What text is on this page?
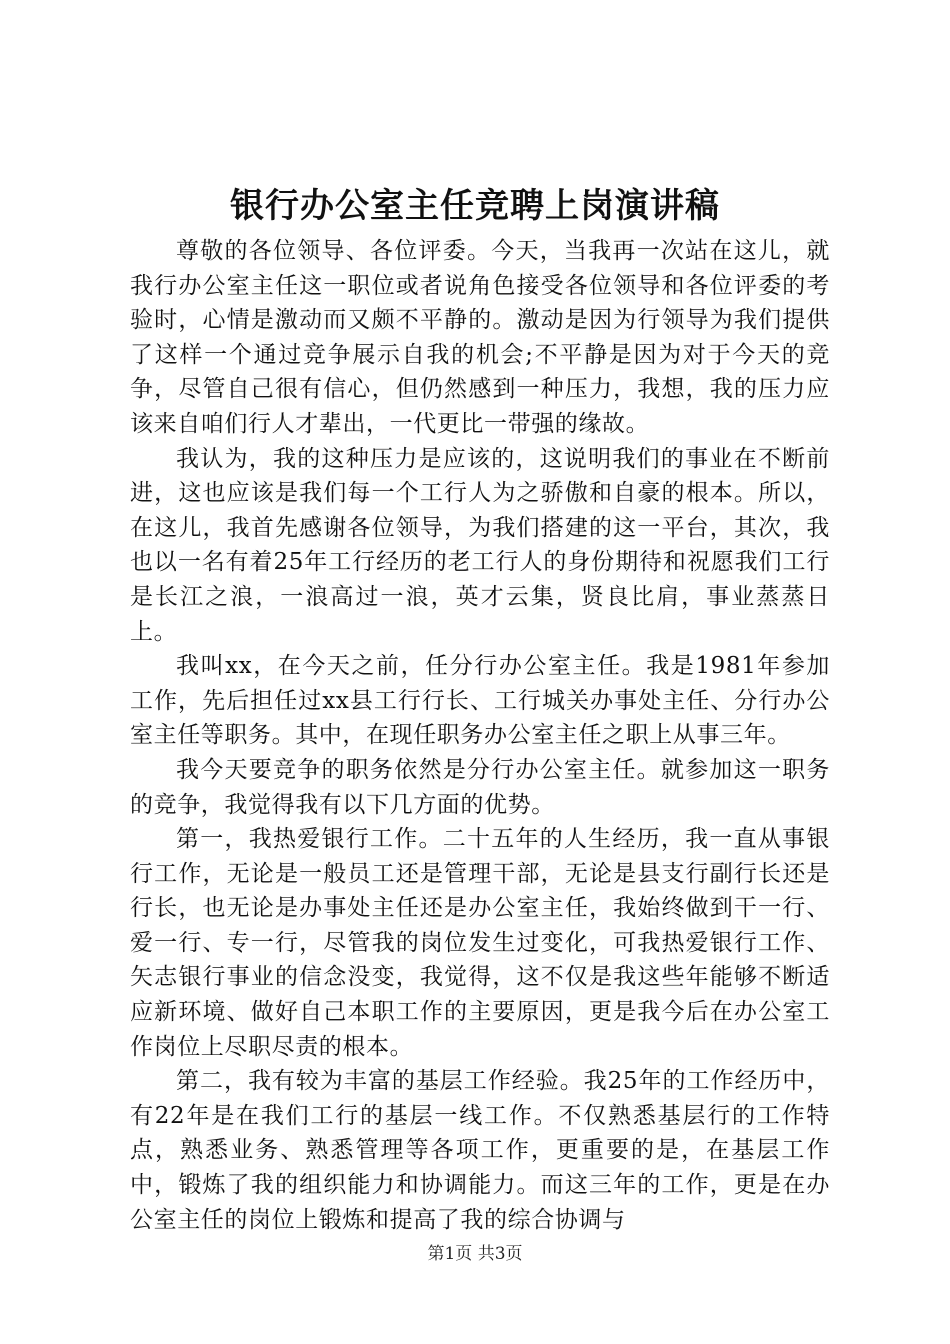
银行办公室主任竞聘上岗演讲稿

尊敬的各位领导、各位评委。今天，当我再一次站在这儿，就我行办公室主任这一职位或者说角色接受各位领导和各位评委的考验时，心情是激动而又颇不平静的。激动是因为行领导为我们提供了这样一个通过竞争展示自我的机会;不平静是因为对于今天的竞争，尽管自己很有信心，但仍然感到一种压力，我想，我的压力应该来自咱们行人才辈出，一代更比一带强的缘故。

我认为，我的这种压力是应该的，这说明我们的事业在不断前进，这也应该是我们每一个工行人为之骄傲和自豪的根本。所以，在这儿，我首先感谢各位领导，为我们搭建的这一平台，其次，我也以一名有着25年工行经历的老工行人的身份期待和祝愿我们工行是长江之浪，一浪高过一浪，英才云集，贤良比肩，事业蒸蒸日上。

我叫xx，在今天之前，任分行办公室主任。我是1981年参加工作，先后担任过xx县工行行长、工行城关办事处主任、分行办公室主任等职务。其中，在现任职务办公室主任之职上从事三年。

我今天要竞争的职务依然是分行办公室主任。就参加这一职务的竞争，我觉得我有以下几方面的优势。

第一，我热爱银行工作。二十五年的人生经历，我一直从事银行工作，无论是一般员工还是管理干部，无论是县支行副行长还是行长，也无论是办事处主任还是办公室主任，我始终做到干一行、爱一行、专一行，尽管我的岗位发生过变化，可我热爱银行工作、矢志银行事业的信念没变，我觉得，这不仅是我这些年能够不断适应新环境、做好自己本职工作的主要原因，更是我今后在办公室工作岗位上尽职尽责的根本。

第二，我有较为丰富的基层工作经验。我25年的工作经历中，有22年是在我们工行的基层一线工作。不仅熟悉基层行的工作特点，熟悉业务、熟悉管理等各项工作，更重要的是，在基层工作中，锻炼了我的组织能力和协调能力。而这三年的工作，更是在办公室主任的岗位上锻炼和提高了我的综合协调与

第1页 共3页
